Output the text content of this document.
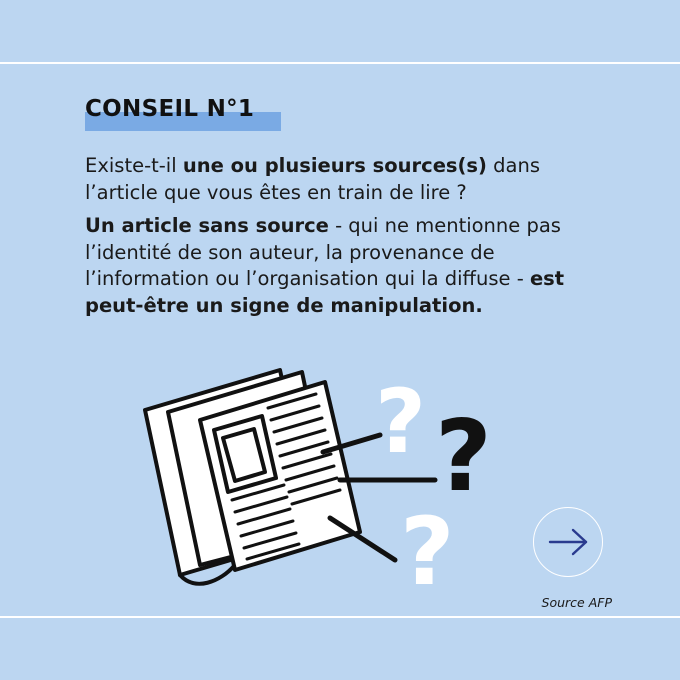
CONSEIL N°1

Existe-t-il une ou plusieurs sources(s) dans l’article que vous êtes en train de lire ?

Un article sans source - qui ne mentionne pas l’identité de son auteur, la provenance de l’information ou l’organisation qui la diffuse - est peut-être un signe de manipulation.

? ?
?	Source AFP
